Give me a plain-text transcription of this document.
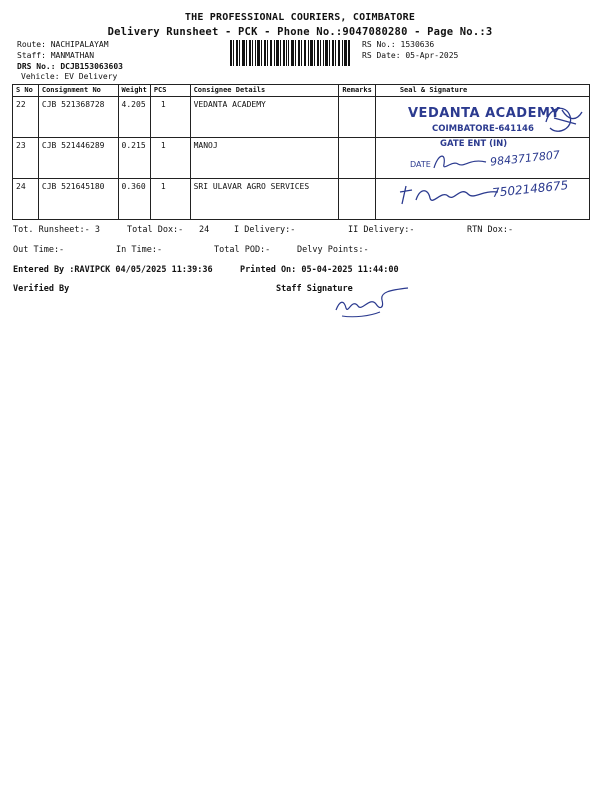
THE PROFESSIONAL COURIERS, COIMBATORE
Delivery Runsheet - PCK - Phone No.:9047080280 - Page No.:3
Route: NACHIPALAYAM
Staff: MANMATHAN
DRS No.: DCJB153063603
Vehicle: EV Delivery
RS No.: 1530636
RS Date: 05-Apr-2025
S No	Consignment No	Weight	PCS	Consignee Details	Remarks	Seal & Signature
22	CJB 521368728	4.205	1	VEDANTA ACADEMY		
23	CJB 521446289	0.215	1	MANOJ		
24	CJB 521645180	0.360	1	SRI ULAVAR AGRO SERVICES		
VEDANTA ACADEMY
COIMBATORE-641146
GATE ENT (IN)
DATE	9843717807
7502148675
Tot. Runsheet:- 3	Total Dox:- 24	I Delivery:-	II Delivery:-	RTN Dox:-
Out Time:-	In Time:-	Total POD:-	Delvy Points:-
Entered By :RAVIPCK 04/05/2025 11:39:36	Printed On: 05-04-2025 11:44:00
Verified By	Staff Signature
